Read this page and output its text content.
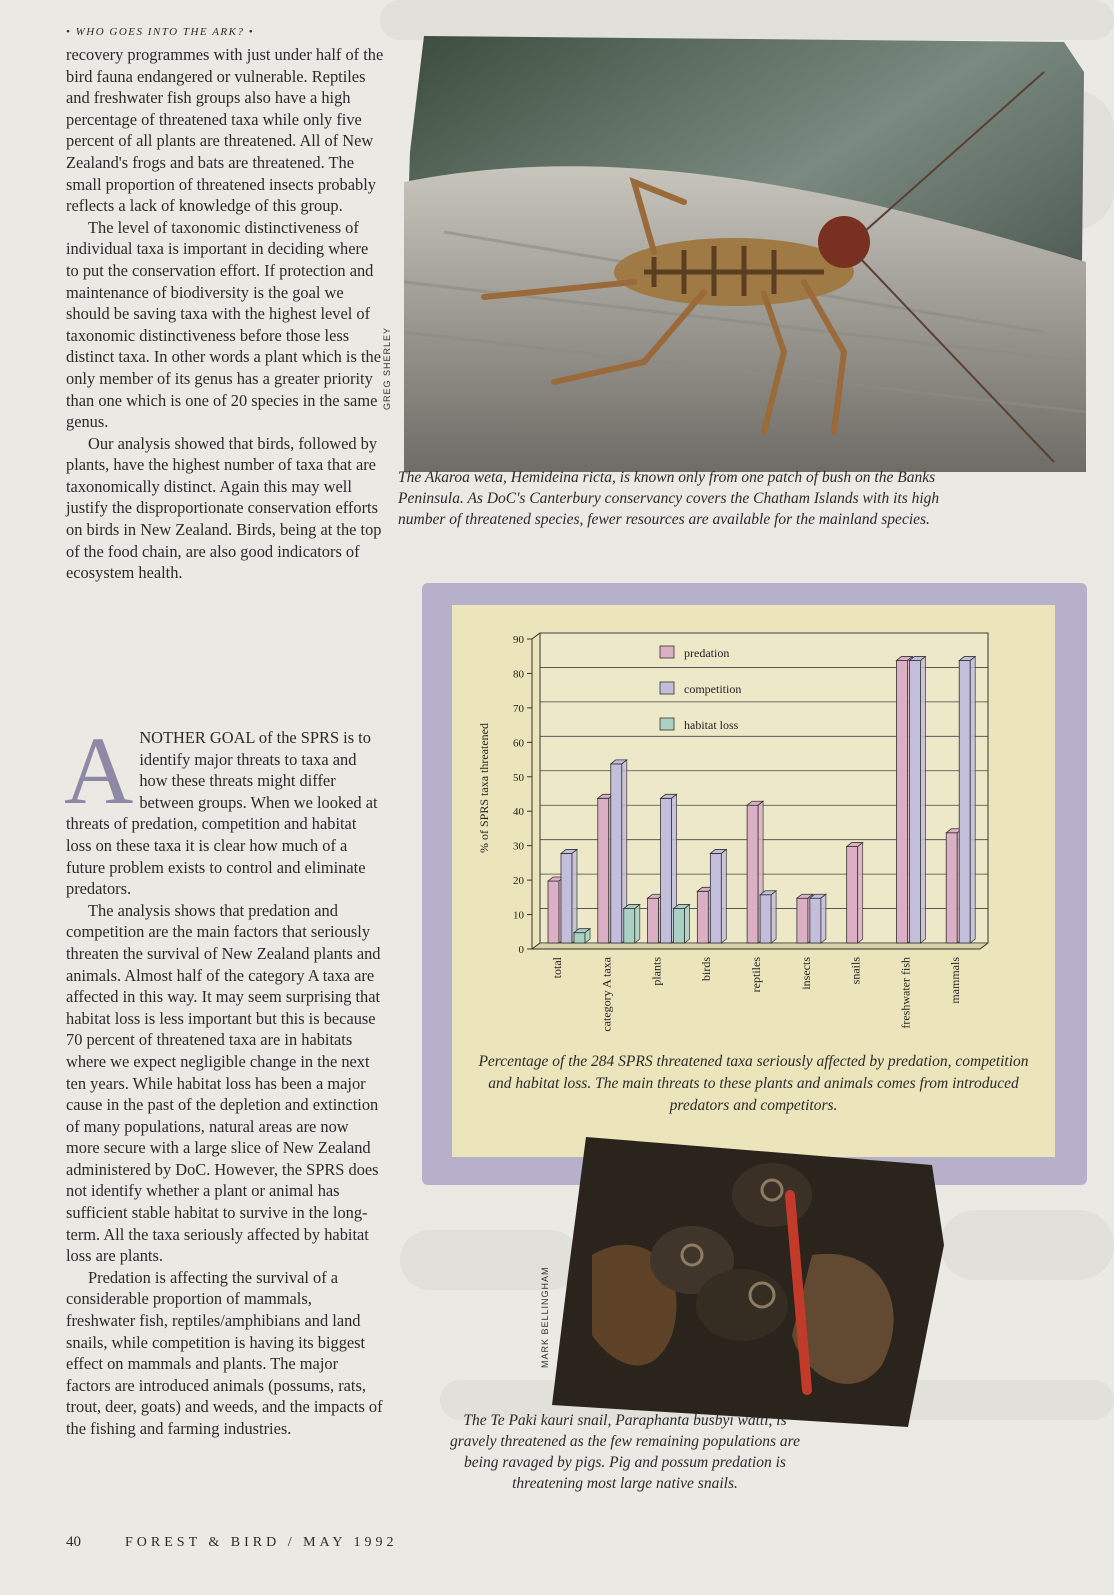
• WHO GOES INTO THE ARK? •

recovery programmes with just under half of the bird fauna endangered or vulnerable. Reptiles and freshwater fish groups also have a high percentage of threatened taxa while only five percent of all plants are threatened. All of New Zealand's frogs and bats are threatened. The small proportion of threatened insects probably reflects a lack of knowledge of this group.

The level of taxonomic distinctiveness of individual taxa is important in deciding where to put the conservation effort. If protection and maintenance of biodiversity is the goal we should be saving taxa with the highest level of taxonomic distinctiveness before those less distinct taxa. In other words a plant which is the only member of its genus has a greater priority than one which is one of 20 species in the same genus.

Our analysis showed that birds, followed by plants, have the highest number of taxa that are taxonomically distinct. Again this may well justify the disproportionate conservation efforts on birds in New Zealand. Birds, being at the top of the food chain, are also good indicators of ecosystem health.

A NOTHER GOAL of the SPRS is to identify major threats to taxa and how these threats might differ between groups. When we looked at threats of predation, competition and habitat loss on these taxa it is clear how much of a future problem exists to control and eliminate predators.

The analysis shows that predation and competition are the main factors that seriously threaten the survival of New Zealand plants and animals. Almost half of the category A taxa are affected in this way. It may seem surprising that habitat loss is less important but this is because 70 percent of threatened taxa are in habitats where we expect negligible change in the next ten years. While habitat loss has been a major cause in the past of the depletion and extinction of many populations, natural areas are now more secure with a large slice of New Zealand administered by DoC. However, the SPRS does not identify whether a plant or animal has sufficient stable habitat to survive in the long-term. All the taxa seriously affected by habitat loss are plants.

Predation is affecting the survival of a considerable proportion of mammals, freshwater fish, reptiles/amphibians and land snails, while competition is having its biggest effect on mammals and plants. The major factors are introduced animals (possums, rats, trout, deer, goats) and weeds, and the impacts of the fishing and farming industries.

GREG SHERLEY
The Akaroa weta, Hemideina ricta, is known only from one patch of bush on the Banks Peninsula. As DoC's Canterbury conservancy covers the Chatham Islands with its high number of threatened species, fewer resources are available for the mainland species.
0
10
20
30
40
50
60
70
80
90
% of SPRS taxa threatened
total	category A taxa	plants	birds	reptiles	insects	snails	freshwater fish	mammals
predation
competition
habitat loss
Percentage of the 284 SPRS threatened taxa seriously affected by predation, competition and habitat loss. The main threats to these plants and animals comes from introduced predators and competitors.
MARK BELLINGHAM
The Te Paki kauri snail, Paraphanta busbyi watti, is gravely threatened as the few remaining populations are being ravaged by pigs. Pig and possum predation is threatening most large native snails.
40	FOREST & BIRD / MAY 1992
